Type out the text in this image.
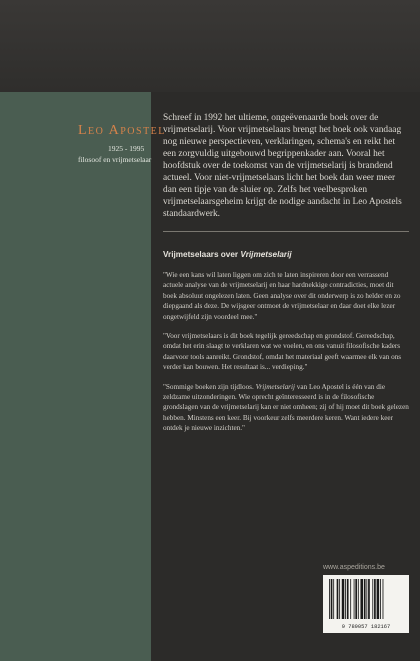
Leo Apostel
1925 - 1995
filosoof en vrijmetselaar

Schreef in 1992 het ultieme, ongeëvenaarde boek over de vrijmetselarij. Voor vrijmetselaars brengt het boek ook vandaag nog nieuwe perspectieven, verklaringen, schema's en reikt het een zorgvuldig uitgebouwd begrippenkader aan. Vooral het hoofdstuk over de toekomst van de vrijmetselarij is brandend actueel. Voor niet-vrijmetselaars licht het boek dan weer meer dan een tipje van de sluier op. Zelfs het veelbesproken vrijmetselaarsgeheim krijgt de nodige aandacht in Leo Apostels standaardwerk.

Vrijmetselaars over Vrijmetselarij

"Wie een kans wil laten liggen om zich te laten inspireren door een verrassend actuele analyse van de vrijmetselarij en haar hardnekkige contradicties, moet dit boek absoluut ongelezen laten. Geen analyse over dit onderwerp is zo helder en zo diepgaand als deze. De wijsgeer ontmoet de vrijmetselaar en daar doet elke lezer ongetwijfeld zijn voordeel mee."

"Voor vrijmetselaars is dit boek tegelijk gereedschap en grondstof. Gereedschap, omdat het erin slaagt te verklaren wat we voelen, en ons vanuit filosofische kaders daarvoor tools aanreikt. Grondstof, omdat het materiaal geeft waarmee elk van ons verder kan bouwen. Het resultaat is... verdieping."

"Sommige boeken zijn tijdloos. Vrijmetselarij van Leo Apostel is één van die zeldzame uitzonderingen. Wie oprecht geïnteresseerd is in de filosofische grondslagen van de vrijmetselarij kan er niet omheen; zij of hij moet dit boek gelezen hebben. Minstens een keer. Bij voorkeur zelfs meerdere keren. Want iedere keer ontdek je nieuwe inzichten."

www.aspeditions.be
9 789057 182167
